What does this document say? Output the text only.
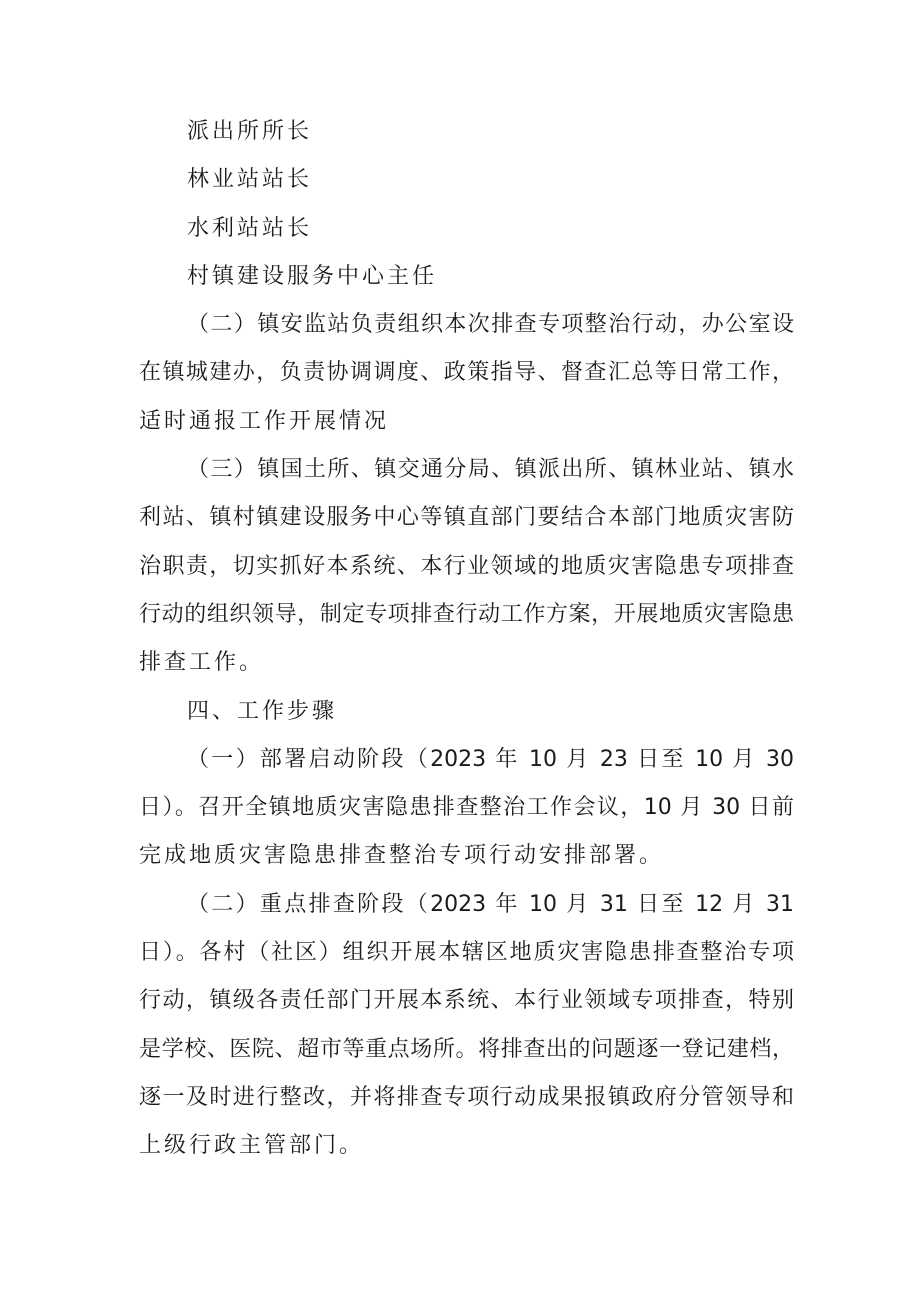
派出所所长
林业站站长
水利站站长
村镇建设服务中心主任
（二）镇安监站负责组织本次排查专项整治行动，办公室设
在镇城建办，负责协调调度、政策指导、督查汇总等日常工作，
适时通报工作开展情况
（三）镇国土所、镇交通分局、镇派出所、镇林业站、镇水
利站、镇村镇建设服务中心等镇直部门要结合本部门地质灾害防
治职责，切实抓好本系统、本行业领域的地质灾害隐患专项排查
行动的组织领导，制定专项排查行动工作方案，开展地质灾害隐患
排查工作。
四、工作步骤
（一）部署启动阶段（2023 年 10 月 23 日至 10 月 30
日）。召开全镇地质灾害隐患排查整治工作会议，10 月 30 日前
完成地质灾害隐患排查整治专项行动安排部署。
（二）重点排查阶段（2023 年 10 月 31 日至 12 月 31
日）。各村（社区）组织开展本辖区地质灾害隐患排查整治专项
行动，镇级各责任部门开展本系统、本行业领域专项排查，特别
是学校、医院、超市等重点场所。将排查出的问题逐一登记建档，
逐一及时进行整改，并将排查专项行动成果报镇政府分管领导和
上级行政主管部门。
